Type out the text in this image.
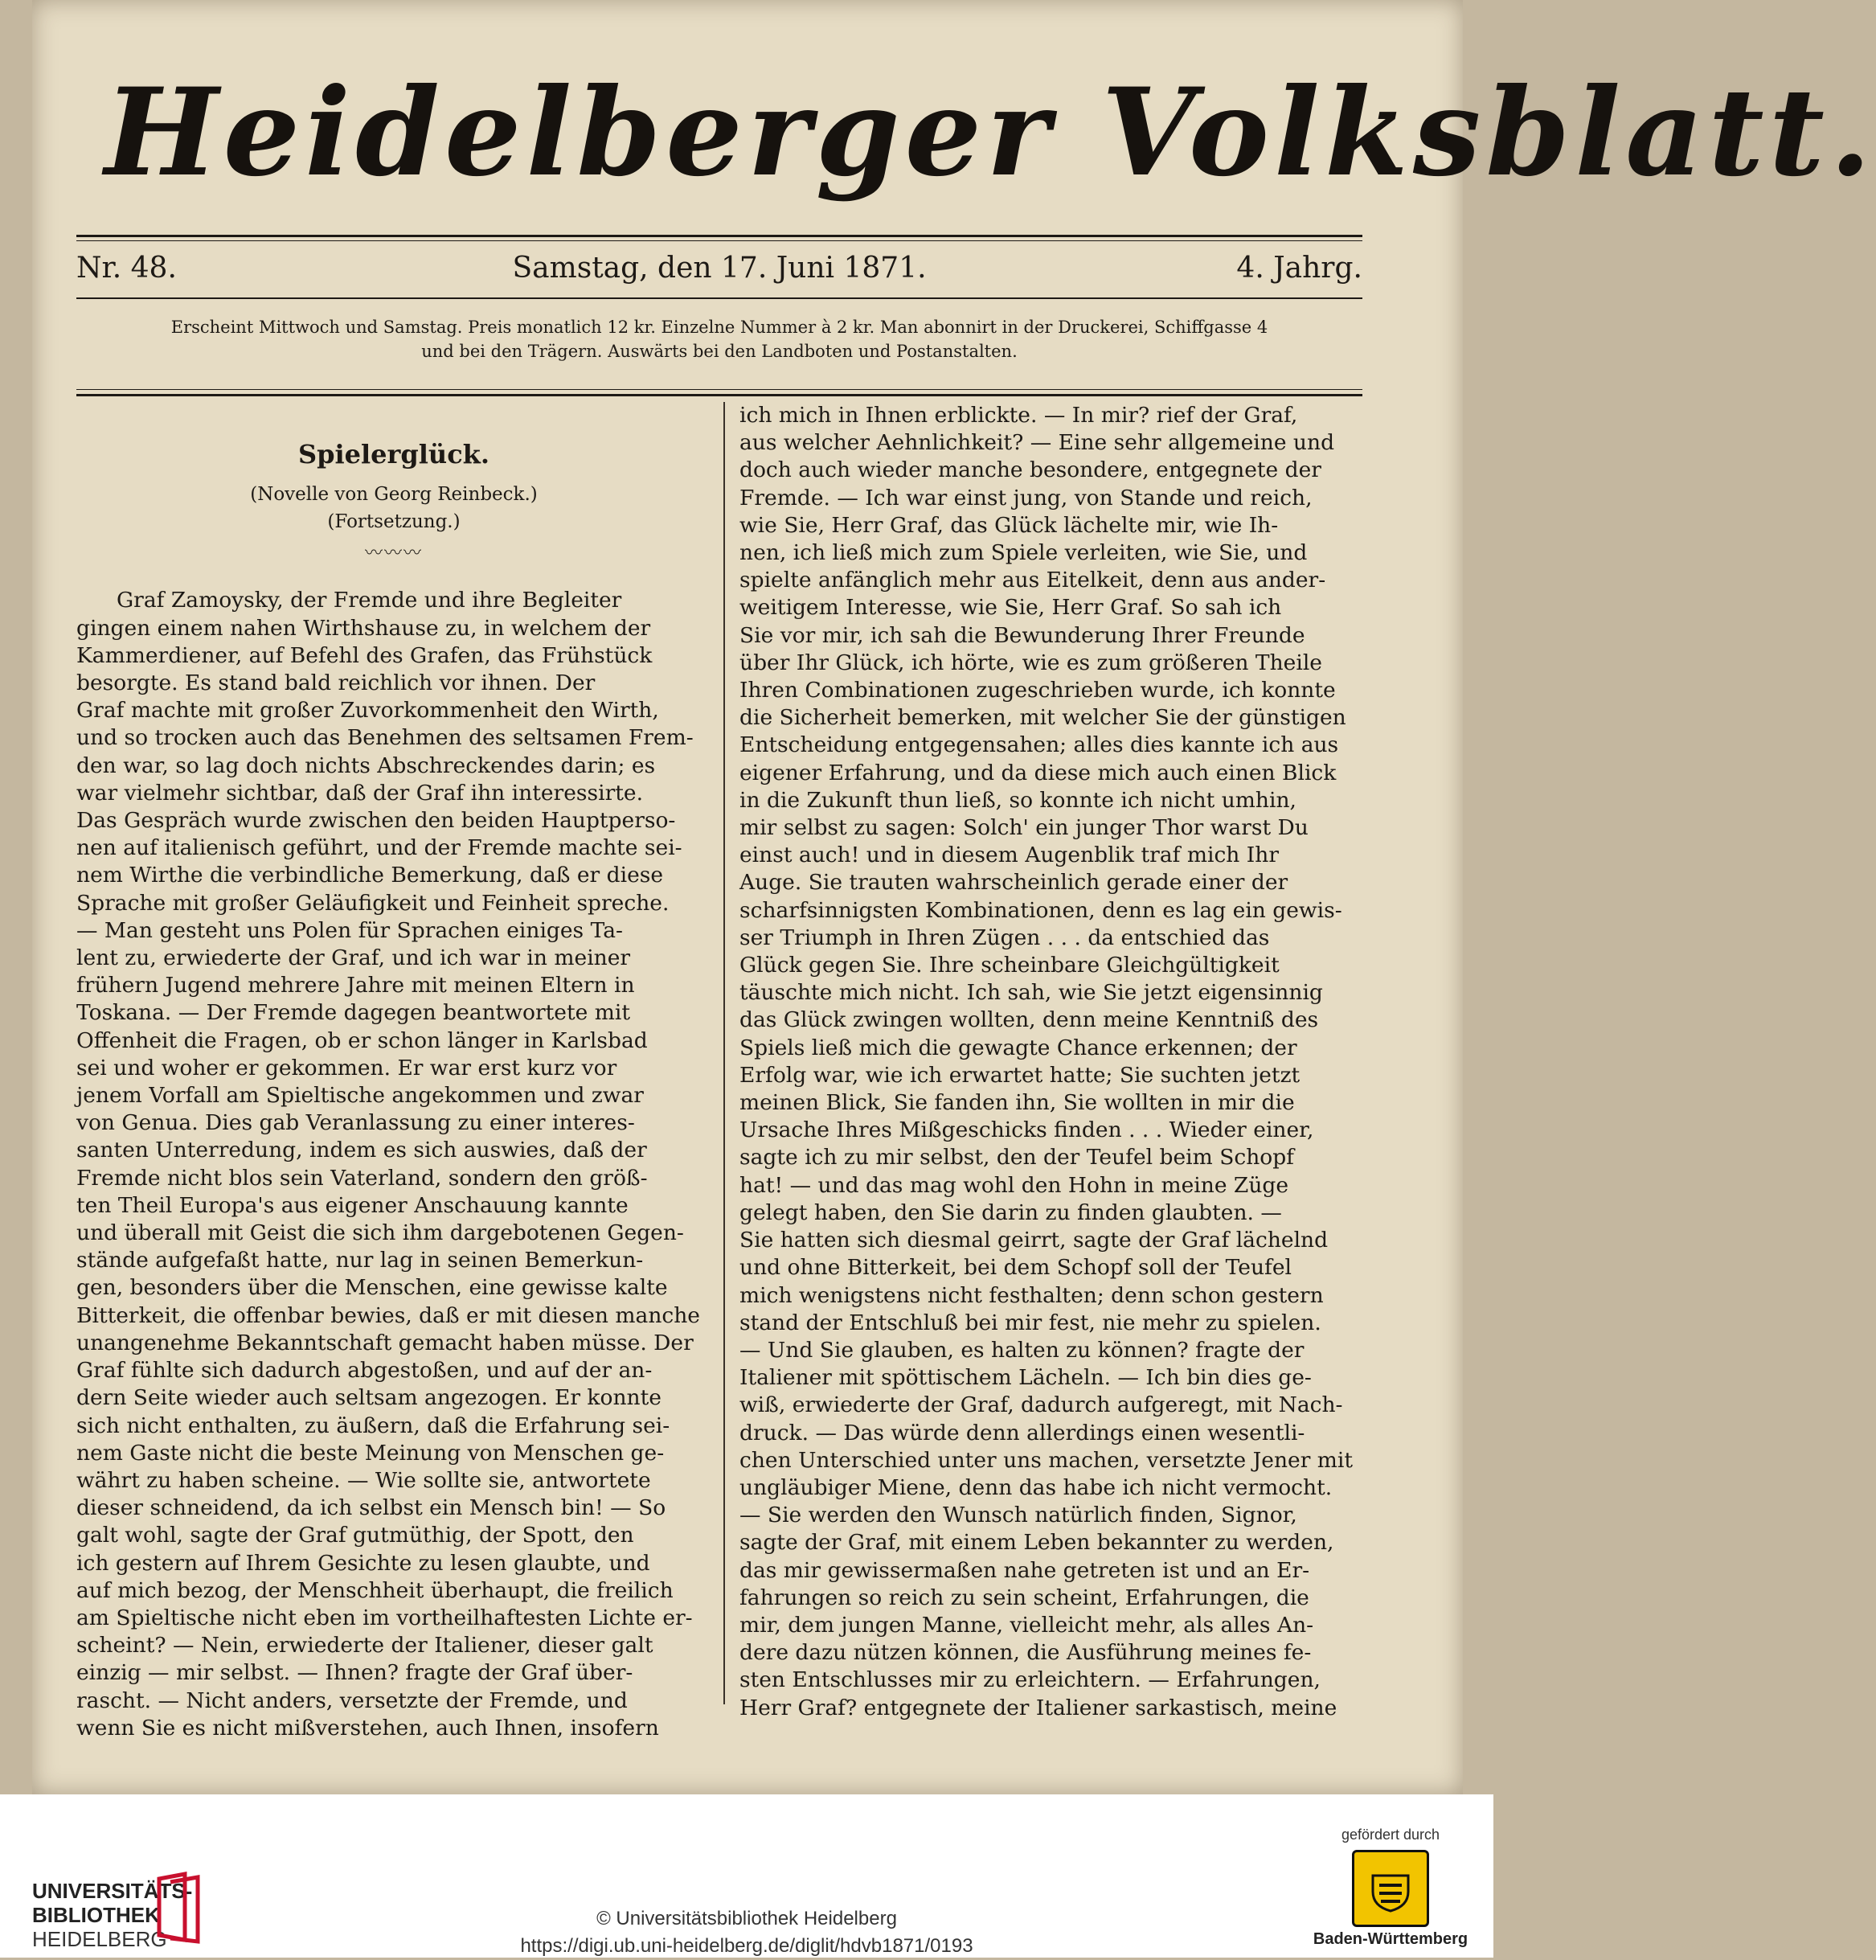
Heidelberger Volksblatt.
Nr. 48.	Samstag, den 17. Juni 1871.	4. Jahrg.
Erscheint Mittwoch und Samstag. Preis monatlich 12 kr. Einzelne Nummer à 2 kr. Man abonnirt in der Druckerei, Schiffgasse 4
und bei den Trägern. Auswärts bei den Landboten und Postanstalten.

Spielerglück.

(Novelle von Georg Reinbeck.)

(Fortsetzung.)

〰〰〰

Graf Zamoysky, der Fremde und ihre Begleiter

gingen einem nahen Wirthshause zu, in welchem der

Kammerdiener, auf Befehl des Grafen, das Frühstück

besorgte. Es stand bald reichlich vor ihnen. Der

Graf machte mit großer Zuvorkommenheit den Wirth,

und so trocken auch das Benehmen des seltsamen Frem-

den war, so lag doch nichts Abschreckendes darin; es

war vielmehr sichtbar, daß der Graf ihn interessirte.

Das Gespräch wurde zwischen den beiden Hauptperso-

nen auf italienisch geführt, und der Fremde machte sei-

nem Wirthe die verbindliche Bemerkung, daß er diese

Sprache mit großer Geläufigkeit und Feinheit spreche.

— Man gesteht uns Polen für Sprachen einiges Ta-

lent zu, erwiederte der Graf, und ich war in meiner

frühern Jugend mehrere Jahre mit meinen Eltern in

Toskana. — Der Fremde dagegen beantwortete mit

Offenheit die Fragen, ob er schon länger in Karlsbad

sei und woher er gekommen. Er war erst kurz vor

jenem Vorfall am Spieltische angekommen und zwar

von Genua. Dies gab Veranlassung zu einer interes-

santen Unterredung, indem es sich auswies, daß der

Fremde nicht blos sein Vaterland, sondern den größ-

ten Theil Europa's aus eigener Anschauung kannte

und überall mit Geist die sich ihm dargebotenen Gegen-

stände aufgefaßt hatte, nur lag in seinen Bemerkun-

gen, besonders über die Menschen, eine gewisse kalte

Bitterkeit, die offenbar bewies, daß er mit diesen manche

unangenehme Bekanntschaft gemacht haben müsse. Der

Graf fühlte sich dadurch abgestoßen, und auf der an-

dern Seite wieder auch seltsam angezogen. Er konnte

sich nicht enthalten, zu äußern, daß die Erfahrung sei-

nem Gaste nicht die beste Meinung von Menschen ge-

währt zu haben scheine. — Wie sollte sie, antwortete

dieser schneidend, da ich selbst ein Mensch bin! — So

galt wohl, sagte der Graf gutmüthig, der Spott, den

ich gestern auf Ihrem Gesichte zu lesen glaubte, und

auf mich bezog, der Menschheit überhaupt, die freilich

am Spieltische nicht eben im vortheilhaftesten Lichte er-

scheint? — Nein, erwiederte der Italiener, dieser galt

einzig — mir selbst. — Ihnen? fragte der Graf über-

rascht. — Nicht anders, versetzte der Fremde, und

wenn Sie es nicht mißverstehen, auch Ihnen, insofern

ich mich in Ihnen erblickte. — In mir? rief der Graf,

aus welcher Aehnlichkeit? — Eine sehr allgemeine und

doch auch wieder manche besondere, entgegnete der

Fremde. — Ich war einst jung, von Stande und reich,

wie Sie, Herr Graf, das Glück lächelte mir, wie Ih-

nen, ich ließ mich zum Spiele verleiten, wie Sie, und

spielte anfänglich mehr aus Eitelkeit, denn aus ander-

weitigem Interesse, wie Sie, Herr Graf. So sah ich

Sie vor mir, ich sah die Bewunderung Ihrer Freunde

über Ihr Glück, ich hörte, wie es zum größeren Theile

Ihren Combinationen zugeschrieben wurde, ich konnte

die Sicherheit bemerken, mit welcher Sie der günstigen

Entscheidung entgegensahen; alles dies kannte ich aus

eigener Erfahrung, und da diese mich auch einen Blick

in die Zukunft thun ließ, so konnte ich nicht umhin,

mir selbst zu sagen: Solch' ein junger Thor warst Du

einst auch! und in diesem Augenblik traf mich Ihr

Auge. Sie trauten wahrscheinlich gerade einer der

scharfsinnigsten Kombinationen, denn es lag ein gewis-

ser Triumph in Ihren Zügen . . . da entschied das

Glück gegen Sie. Ihre scheinbare Gleichgültigkeit

täuschte mich nicht. Ich sah, wie Sie jetzt eigensinnig

das Glück zwingen wollten, denn meine Kenntniß des

Spiels ließ mich die gewagte Chance erkennen; der

Erfolg war, wie ich erwartet hatte; Sie suchten jetzt

meinen Blick, Sie fanden ihn, Sie wollten in mir die

Ursache Ihres Mißgeschicks finden . . . Wieder einer,

sagte ich zu mir selbst, den der Teufel beim Schopf

hat! — und das mag wohl den Hohn in meine Züge

gelegt haben, den Sie darin zu finden glaubten. —

Sie hatten sich diesmal geirrt, sagte der Graf lächelnd

und ohne Bitterkeit, bei dem Schopf soll der Teufel

mich wenigstens nicht festhalten; denn schon gestern

stand der Entschluß bei mir fest, nie mehr zu spielen.

— Und Sie glauben, es halten zu können? fragte der

Italiener mit spöttischem Lächeln. — Ich bin dies ge-

wiß, erwiederte der Graf, dadurch aufgeregt, mit Nach-

druck. — Das würde denn allerdings einen wesentli-

chen Unterschied unter uns machen, versetzte Jener mit

ungläubiger Miene, denn das habe ich nicht vermocht.

— Sie werden den Wunsch natürlich finden, Signor,

sagte der Graf, mit einem Leben bekannter zu werden,

das mir gewissermaßen nahe getreten ist und an Er-

fahrungen so reich zu sein scheint, Erfahrungen, die

mir, dem jungen Manne, vielleicht mehr, als alles An-

dere dazu nützen können, die Ausführung meines fe-

sten Entschlusses mir zu erleichtern. — Erfahrungen,

Herr Graf? entgegnete der Italiener sarkastisch, meine

UNIVERSITÄTS-
BIBLIOTHEK
HEIDELBERG
© Universitätsbibliothek Heidelberg
https://digi.ub.uni-heidelberg.de/diglit/hdvb1871/0193
gefördert durch
Baden-Württemberg
